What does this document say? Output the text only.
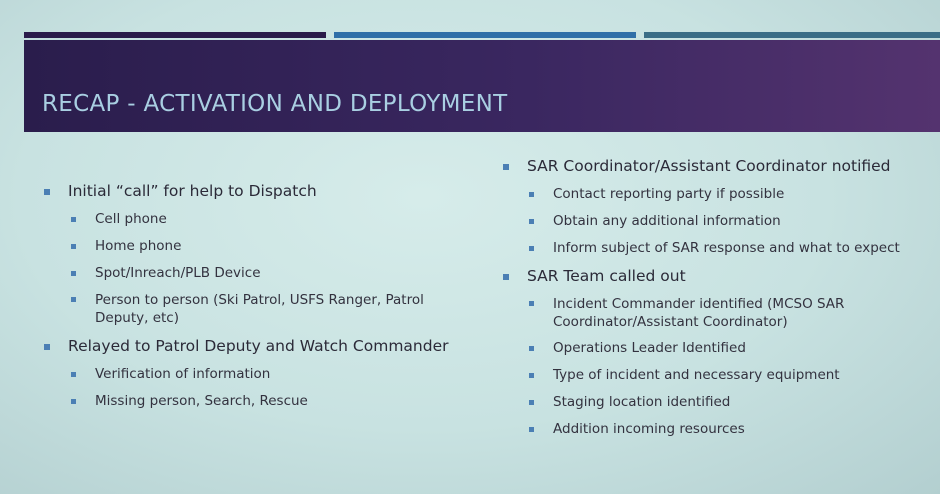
RECAP - ACTIVATION AND DEPLOYMENT
Initial “call” for help to Dispatch
Cell phone
Home phone
Spot/Inreach/PLB Device
Person to person (Ski Patrol, USFS Ranger, Patrol Deputy, etc)
Relayed to Patrol Deputy and Watch Commander
Verification of information
Missing person, Search, Rescue
SAR Coordinator/Assistant Coordinator notified
Contact reporting party if possible
Obtain any additional information
Inform subject of SAR response and what to expect
SAR Team called out
Incident Commander identified (MCSO SAR Coordinator/Assistant Coordinator)
Operations Leader Identified
Type of incident and necessary equipment
Staging location identified
Addition incoming resources
